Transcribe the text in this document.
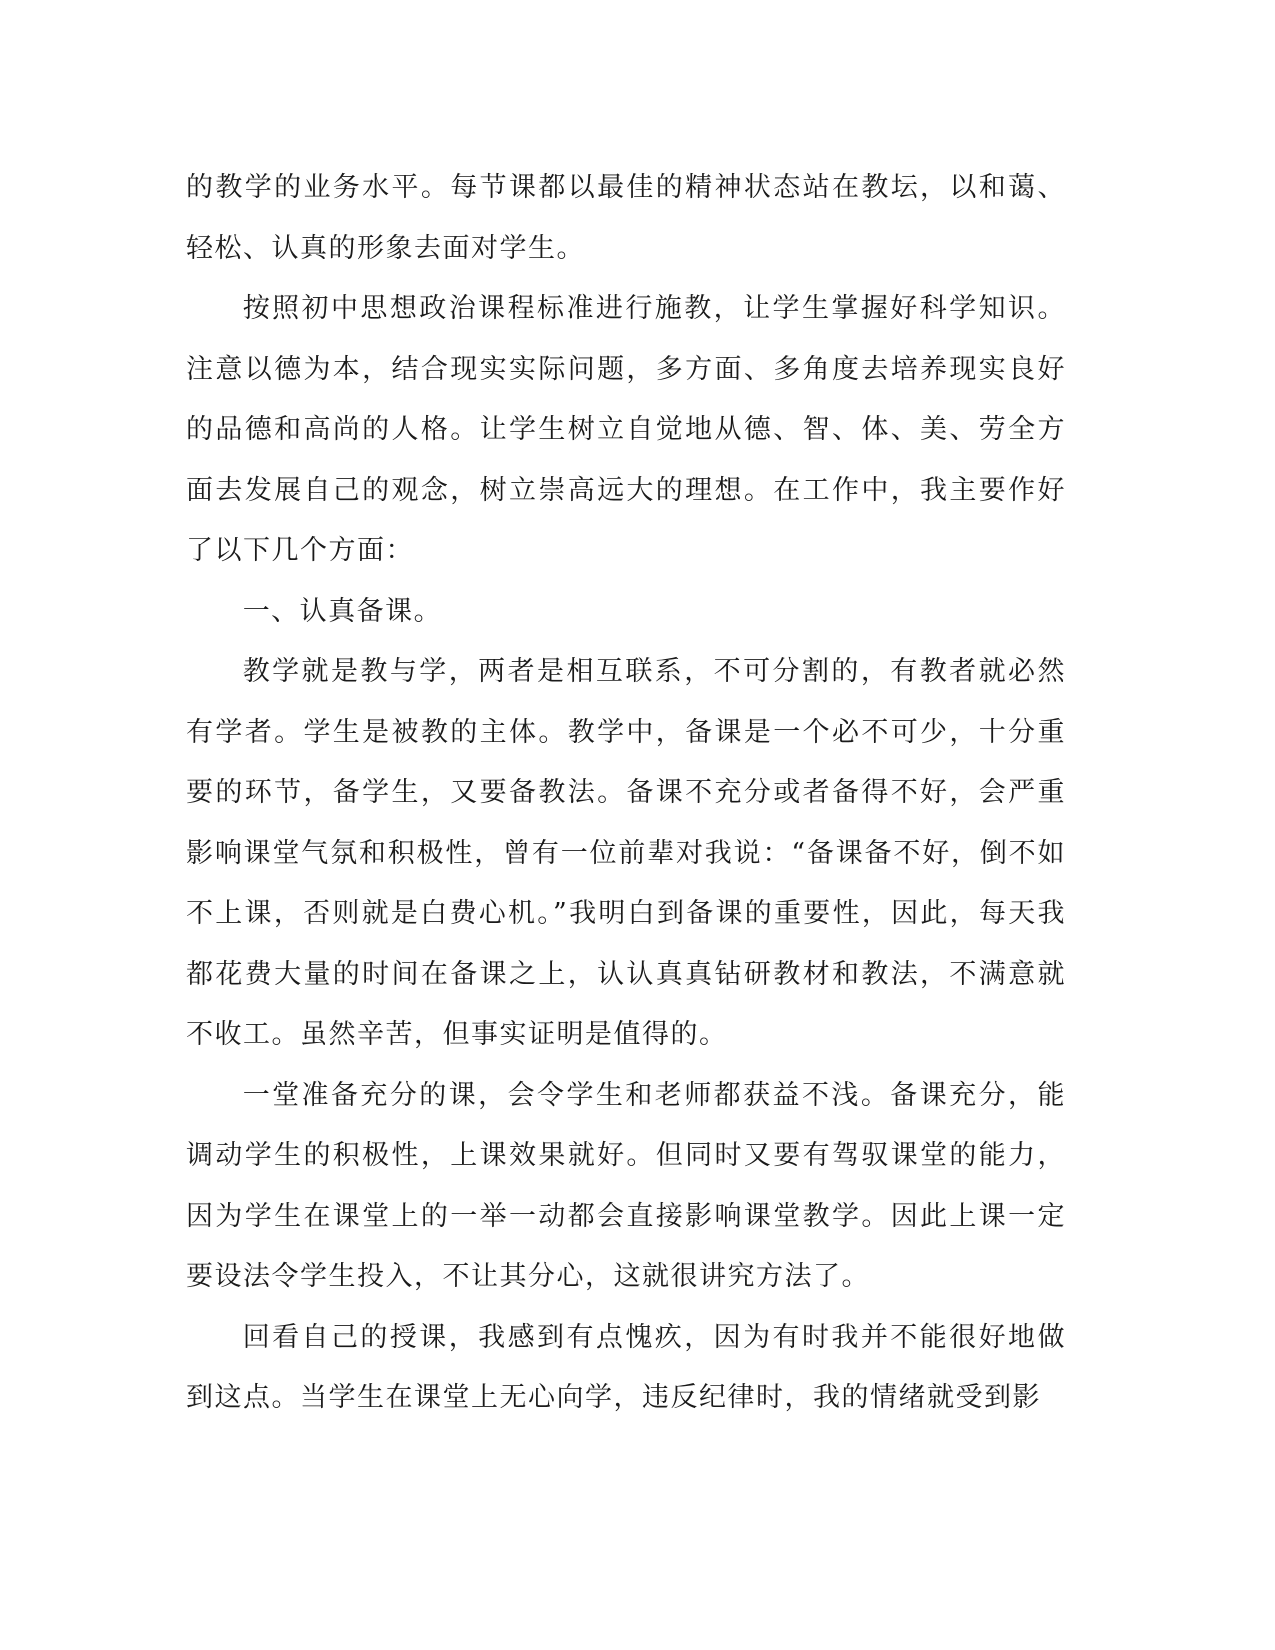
的教学的业务水平。每节课都以最佳的精神状态站在教坛，以和蔼、轻松、认真的形象去面对学生。

按照初中思想政治课程标准进行施教，让学生掌握好科学知识。注意以德为本，结合现实实际问题，多方面、多角度去培养现实良好的品德和高尚的人格。让学生树立自觉地从德、智、体、美、劳全方面去发展自己的观念，树立崇高远大的理想。在工作中，我主要作好了以下几个方面：

一、认真备课。

教学就是教与学，两者是相互联系，不可分割的，有教者就必然有学者。学生是被教的主体。教学中，备课是一个必不可少，十分重要的环节，备学生，又要备教法。备课不充分或者备得不好，会严重影响课堂气氛和积极性，曾有一位前辈对我说：“备课备不好，倒不如不上课，否则就是白费心机。”我明白到备课的重要性，因此，每天我都花费大量的时间在备课之上，认认真真钻研教材和教法，不满意就不收工。虽然辛苦，但事实证明是值得的。

一堂准备充分的课，会令学生和老师都获益不浅。备课充分，能调动学生的积极性，上课效果就好。但同时又要有驾驭课堂的能力，因为学生在课堂上的一举一动都会直接影响课堂教学。因此上课一定要设法令学生投入，不让其分心，这就很讲究方法了。

回看自己的授课，我感到有点愧疚，因为有时我并不能很好地做到这点。当学生在课堂上无心向学，违反纪律时，我的情绪就受到影
